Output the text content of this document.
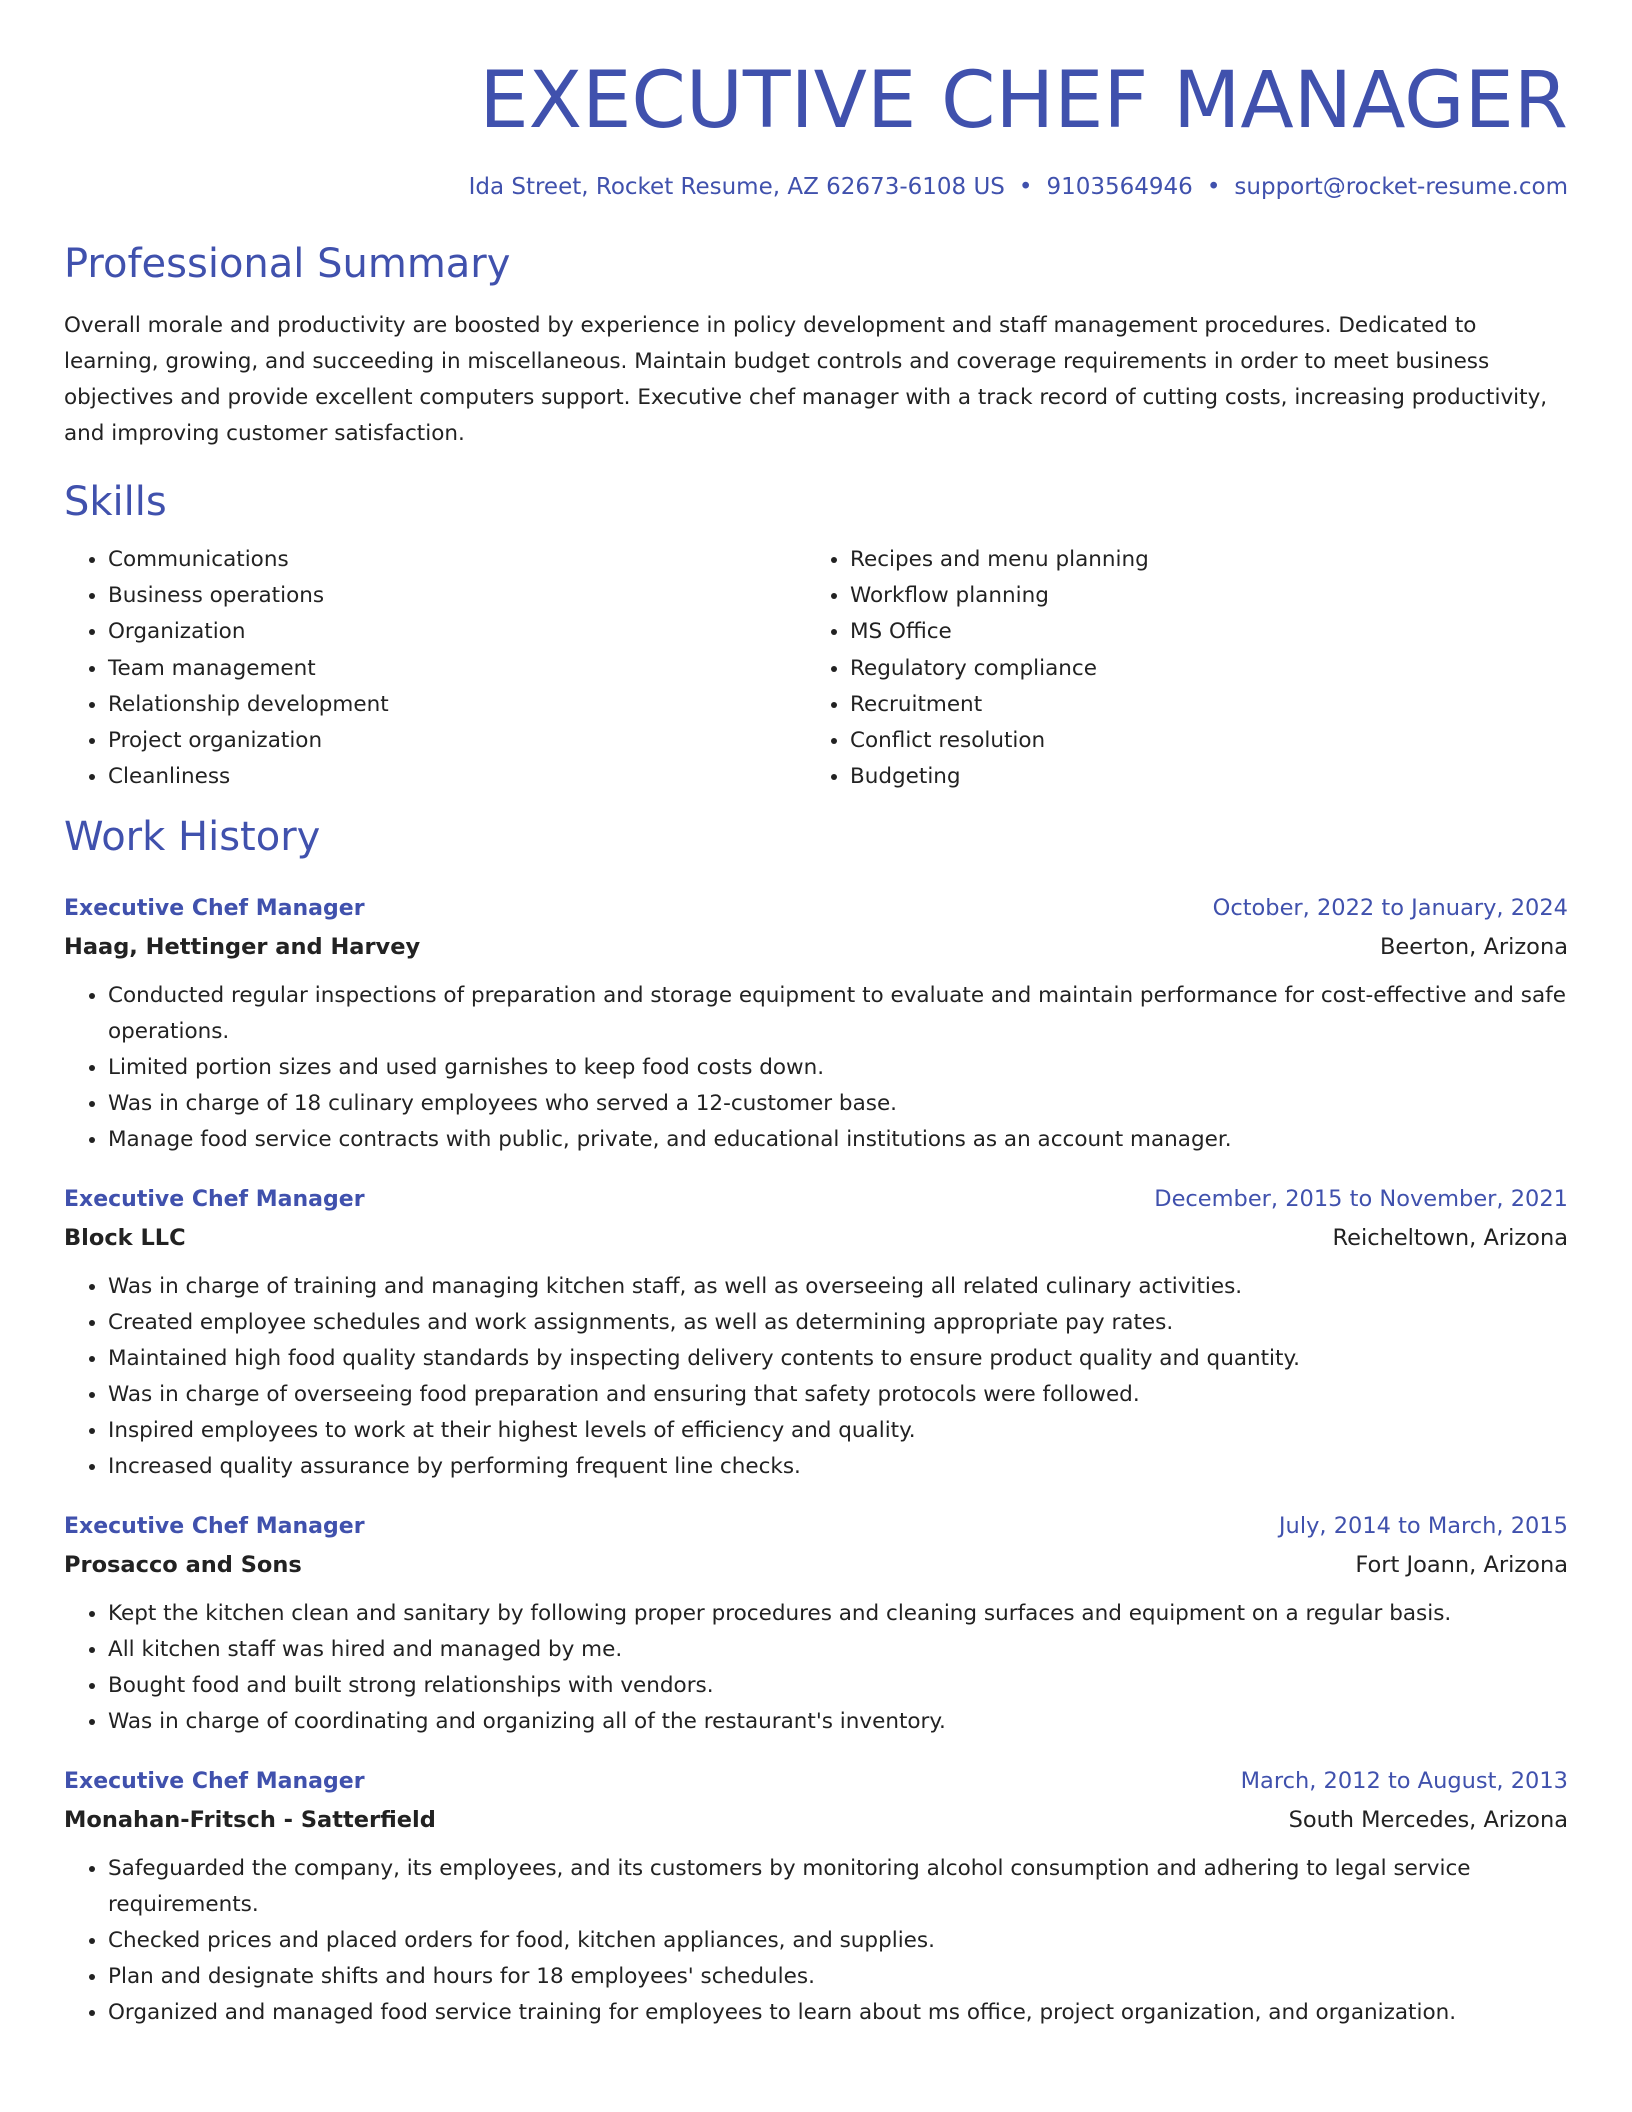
EXECUTIVE CHEF MANAGER
Ida Street, Rocket Resume, AZ 62673-6108 US • 9103564946 • support@rocket-resume.com
Professional Summary

Overall morale and productivity are boosted by experience in policy development and staff management procedures. Dedicated to learning, growing, and succeeding in miscellaneous. Maintain budget controls and coverage requirements in order to meet business objectives and provide excellent computers support. Executive chef manager with a track record of cutting costs, increasing productivity, and improving customer satisfaction.

Skills
• Communications
• Business operations
• Organization
• Team management
• Relationship development
• Project organization
• Cleanliness
• Recipes and menu planning
• Workflow planning
• MS Office
• Regulatory compliance
• Recruitment
• Conflict resolution
• Budgeting
Work History
Executive Chef Manager	October, 2022 to January, 2024
Haag, Hettinger and Harvey	Beerton, Arizona
• Conducted regular inspections of preparation and storage equipment to evaluate and maintain performance for cost-effective and safe operations.
• Limited portion sizes and used garnishes to keep food costs down.
• Was in charge of 18 culinary employees who served a 12-customer base.
• Manage food service contracts with public, private, and educational institutions as an account manager.
Executive Chef Manager	December, 2015 to November, 2021
Block LLC	Reicheltown, Arizona
• Was in charge of training and managing kitchen staff, as well as overseeing all related culinary activities.
• Created employee schedules and work assignments, as well as determining appropriate pay rates.
• Maintained high food quality standards by inspecting delivery contents to ensure product quality and quantity.
• Was in charge of overseeing food preparation and ensuring that safety protocols were followed.
• Inspired employees to work at their highest levels of efficiency and quality.
• Increased quality assurance by performing frequent line checks.
Executive Chef Manager	July, 2014 to March, 2015
Prosacco and Sons	Fort Joann, Arizona
• Kept the kitchen clean and sanitary by following proper procedures and cleaning surfaces and equipment on a regular basis.
• All kitchen staff was hired and managed by me.
• Bought food and built strong relationships with vendors.
• Was in charge of coordinating and organizing all of the restaurant's inventory.
Executive Chef Manager	March, 2012 to August, 2013
Monahan-Fritsch - Satterfield	South Mercedes, Arizona
• Safeguarded the company, its employees, and its customers by monitoring alcohol consumption and adhering to legal service requirements.
• Checked prices and placed orders for food, kitchen appliances, and supplies.
• Plan and designate shifts and hours for 18 employees' schedules.
• Organized and managed food service training for employees to learn about ms office, project organization, and organization.
